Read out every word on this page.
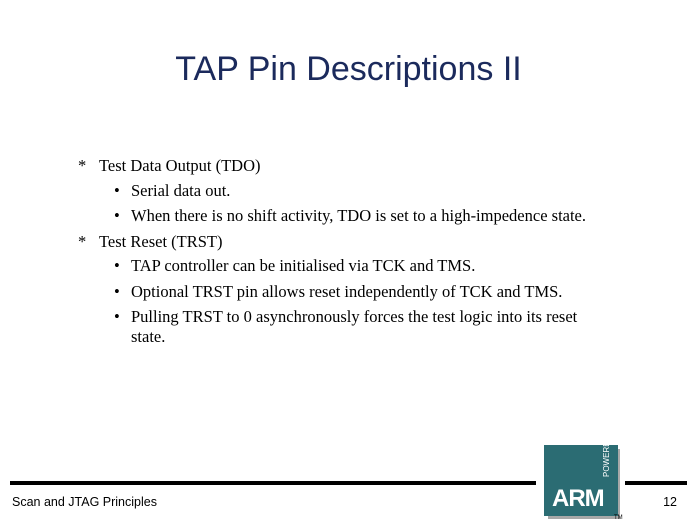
TAP Pin Descriptions II
* Test Data Output (TDO)
• Serial data out.
• When there is no shift activity, TDO is set to a high-impedence state.
* Test Reset (TRST)
• TAP controller can be initialised via TCK and TMS.
• Optional TRST pin allows reset independently of TCK and TMS.
• Pulling TRST to 0 asynchronously forces the test logic into its reset state.
Scan and JTAG Principles	12
ARM
POWERED
TM
